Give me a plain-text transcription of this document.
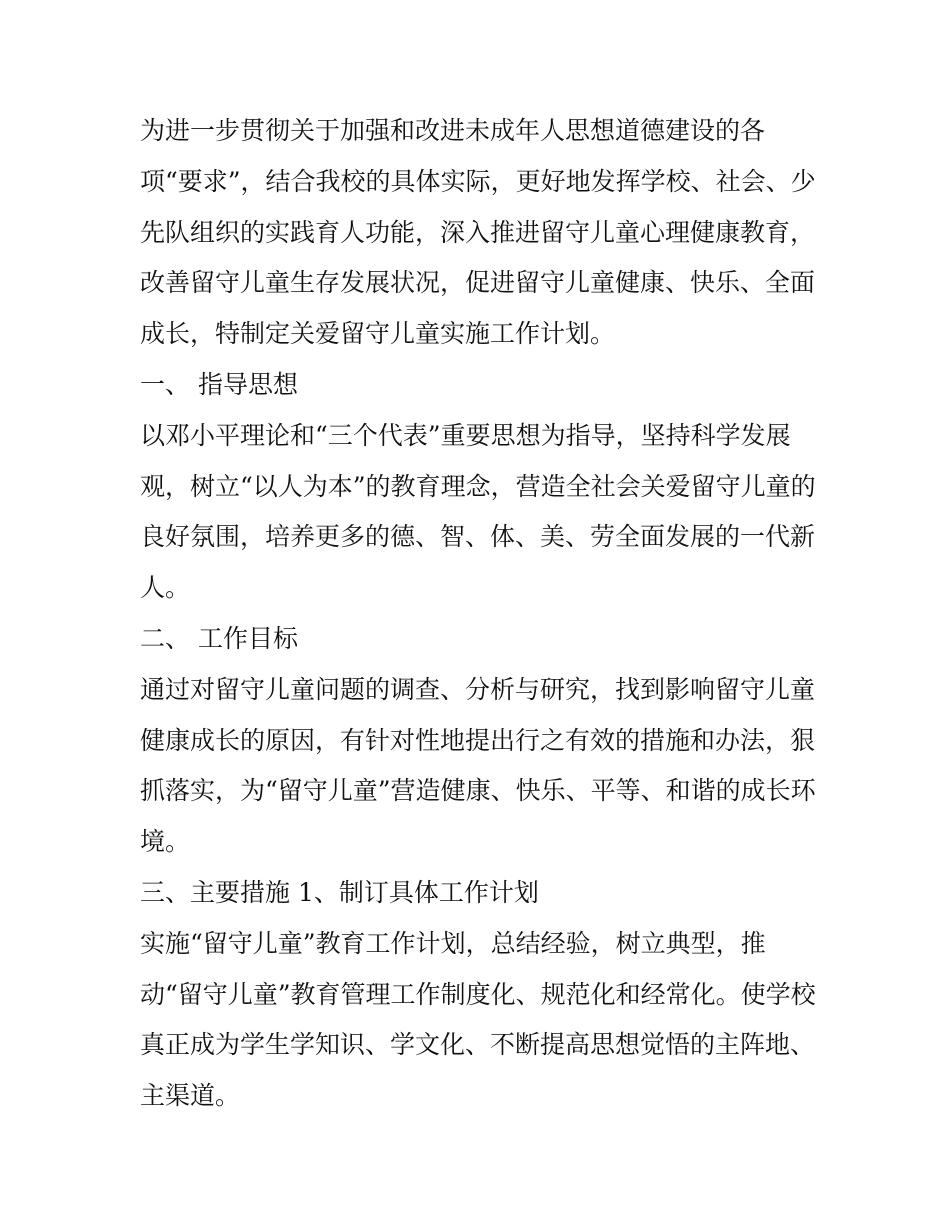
为进一步贯彻关于加强和改进未成年人思想道德建设的各
项“要求”，结合我校的具体实际，更好地发挥学校、社会、少
先队组织的实践育人功能，深入推进留守儿童心理健康教育，
改善留守儿童生存发展状况，促进留守儿童健康、快乐、全面
成长，特制定关爱留守儿童实施工作计划。
一、 指导思想
以邓小平理论和“三个代表”重要思想为指导，坚持科学发展
观，树立“以人为本”的教育理念，营造全社会关爱留守儿童的
良好氛围，培养更多的德、智、体、美、劳全面发展的一代新
人。
二、 工作目标
通过对留守儿童问题的调查、分析与研究，找到影响留守儿童
健康成长的原因，有针对性地提出行之有效的措施和办法，狠
抓落实，为“留守儿童”营造健康、快乐、平等、和谐的成长环
境。
三、主要措施 1、制订具体工作计划
实施“留守儿童”教育工作计划，总结经验，树立典型，推
动“留守儿童”教育管理工作制度化、规范化和经常化。使学校
真正成为学生学知识、学文化、不断提高思想觉悟的主阵地、
主渠道。
